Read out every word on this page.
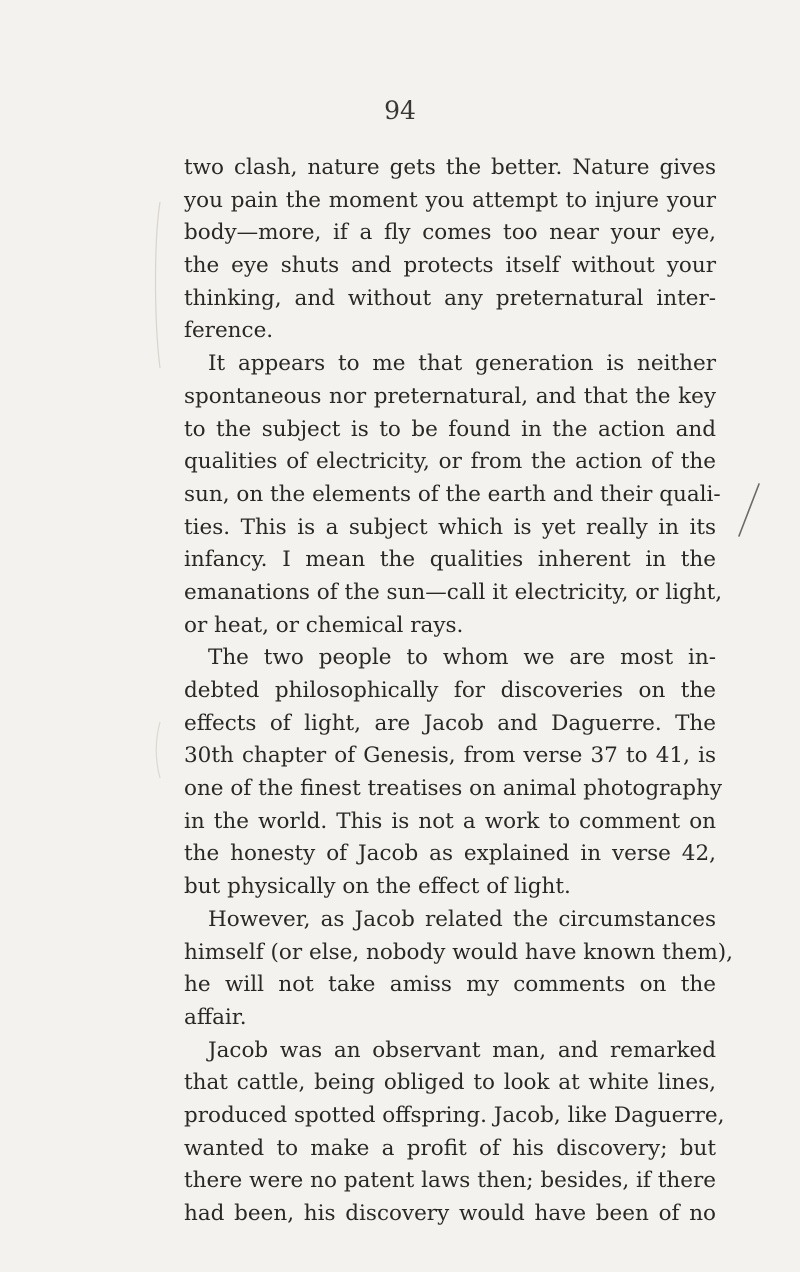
94
two clash, nature gets the better. Nature gives
you pain the moment you attempt to injure your
body—more, if a fly comes too near your eye,
the eye shuts and protects itself without your
thinking, and without any preternatural inter-
ference.
It appears to me that generation is neither
spontaneous nor preternatural, and that the key
to the subject is to be found in the action and
qualities of electricity, or from the action of the
sun, on the elements of the earth and their quali-
ties. This is a subject which is yet really in its
infancy. I mean the qualities inherent in the
emanations of the sun—call it electricity, or light,
or heat, or chemical rays.
The two people to whom we are most in-
debted philosophically for discoveries on the
effects of light, are Jacob and Daguerre. The
30th chapter of Genesis, from verse 37 to 41, is
one of the finest treatises on animal photography
in the world. This is not a work to comment on
the honesty of Jacob as explained in verse 42,
but physically on the effect of light.
However, as Jacob related the circumstances
himself (or else, nobody would have known them),
he will not take amiss my comments on the
affair.
Jacob was an observant man, and remarked
that cattle, being obliged to look at white lines,
produced spotted offspring. Jacob, like Daguerre,
wanted to make a profit of his discovery; but
there were no patent laws then; besides, if there
had been, his discovery would have been of no
